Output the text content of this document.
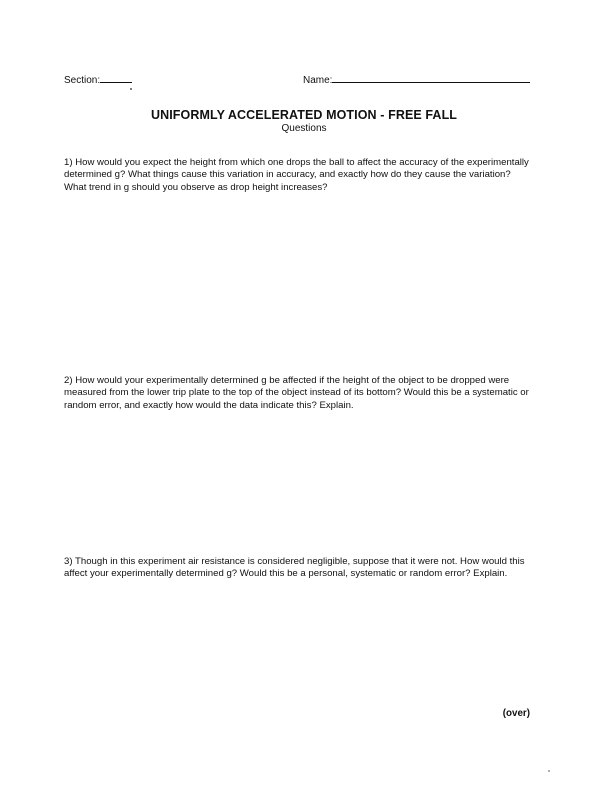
Section:	Name:
UNIFORMLY ACCELERATED MOTION - FREE FALL
Questions
1) How would you expect the height from which one drops the ball to affect the accuracy of the experimentally determined g? What things cause this variation in accuracy, and exactly how do they cause the variation? What trend in g should you observe as drop height increases?
2) How would your experimentally determined g be affected if the height of the object to be dropped were measured from the lower trip plate to the top of the object instead of its bottom? Would this be a systematic or random error, and exactly how would the data indicate this? Explain.
3) Though in this experiment air resistance is considered negligible, suppose that it were not. How would this affect your experimentally determined g? Would this be a personal, systematic or random error? Explain.
(over)
